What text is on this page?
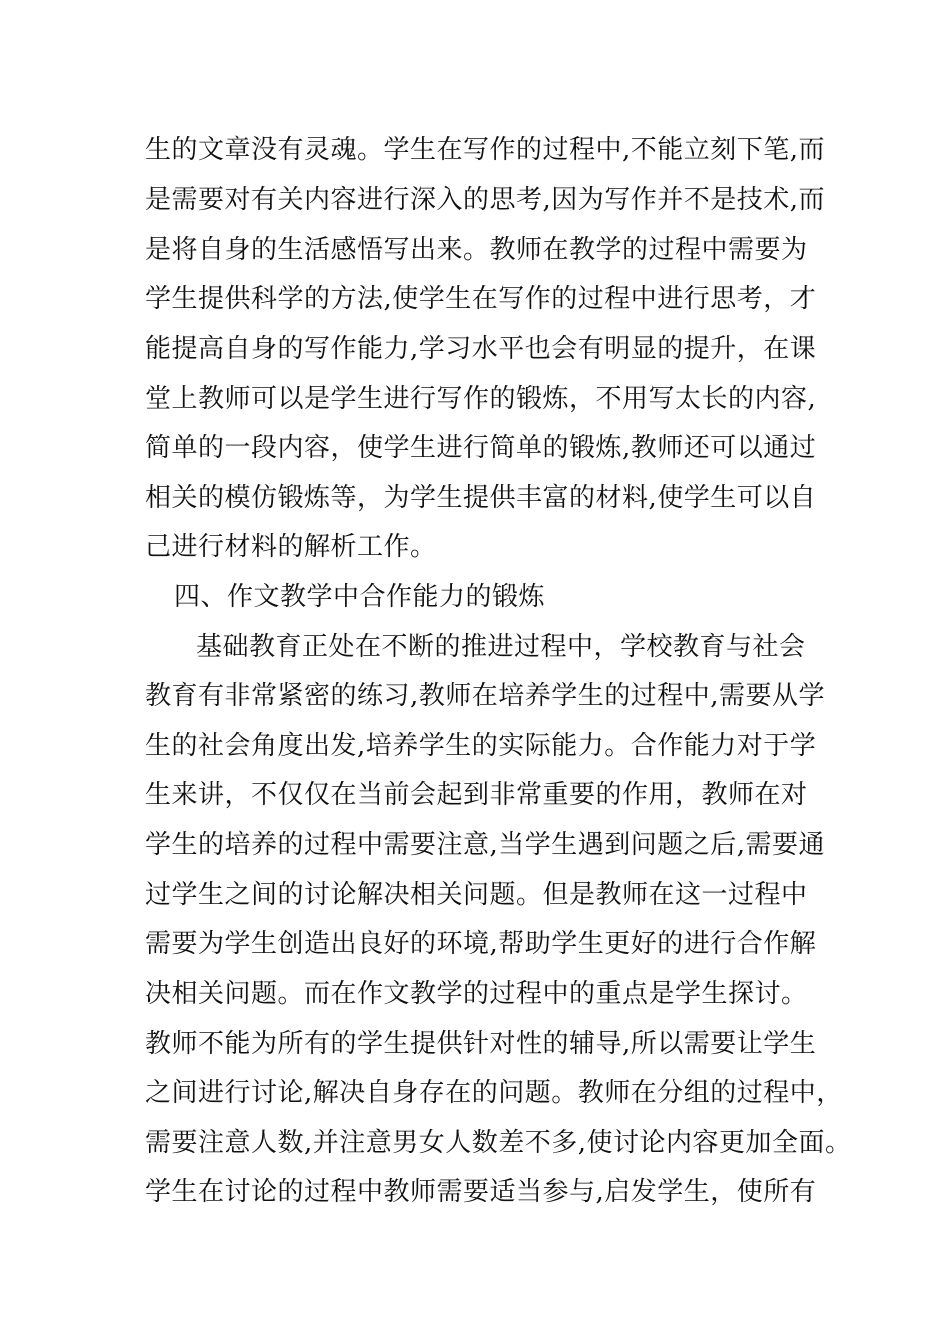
生的文章没有灵魂。学生在写作的过程中,不能立刻下笔,而
是需要对有关内容进行深入的思考,因为写作并不是技术,而
是将自身的生活感悟写出来。教师在教学的过程中需要为
学生提供科学的方法,使学生在写作的过程中进行思考，才
能提高自身的写作能力,学习水平也会有明显的提升，在课
堂上教师可以是学生进行写作的锻炼，不用写太长的内容,
简单的一段内容，使学生进行简单的锻炼,教师还可以通过
相关的模仿锻炼等，为学生提供丰富的材料,使学生可以自
己进行材料的解析工作。
四、作文教学中合作能力的锻炼
基础教育正处在不断的推进过程中，学校教育与社会
教育有非常紧密的练习,教师在培养学生的过程中,需要从学
生的社会角度出发,培养学生的实际能力。合作能力对于学
生来讲，不仅仅在当前会起到非常重要的作用，教师在对
学生的培养的过程中需要注意,当学生遇到问题之后,需要通
过学生之间的讨论解决相关问题。但是教师在这一过程中
需要为学生创造出良好的环境,帮助学生更好的进行合作解
决相关问题。而在作文教学的过程中的重点是学生探讨。
教师不能为所有的学生提供针对性的辅导,所以需要让学生
之间进行讨论,解决自身存在的问题。教师在分组的过程中，
需要注意人数,并注意男女人数差不多,使讨论内容更加全面。
学生在讨论的过程中教师需要适当参与,启发学生，使所有
